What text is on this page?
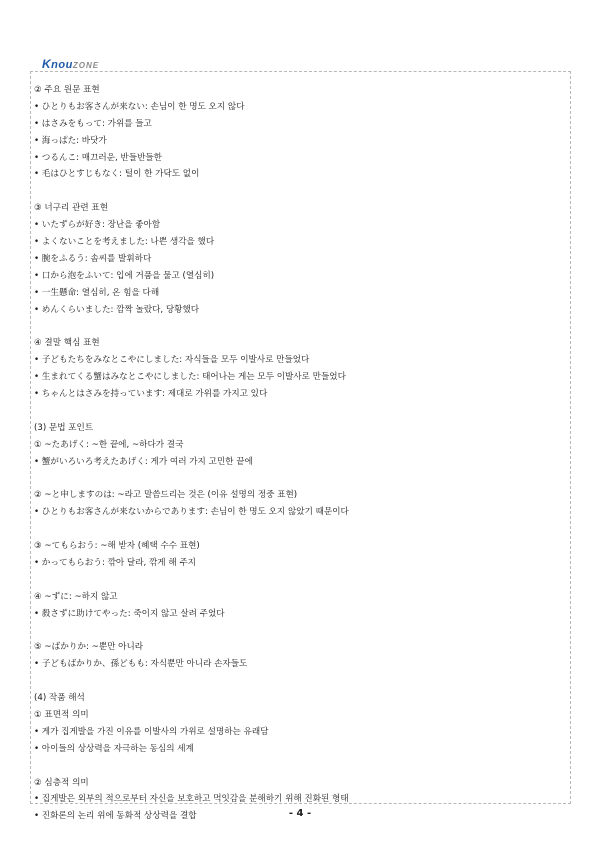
KnouZONE

② 주요 원문 표현

• ひとりもお客さんが来ない: 손님이 한 명도 오지 않다

• はさみをもって: 가위를 들고

• 海っぱた: 바닷가

• つるんこ: 매끄러운, 반들반들한

• 毛はひとすじもなく: 털이 한 가닥도 없이

③ 너구리 관련 표현

• いたずらが好き: 장난을 좋아함

• よくないことを考えました: 나쁜 생각을 했다

• 腕をふるう: 솜씨를 발휘하다

• 口から泡をふいて: 입에 거품을 물고 (열심히)

• 一生懸命: 열심히, 온 힘을 다해

• めんくらいました: 깜짝 놀랐다, 당황했다

④ 결말 핵심 표현

• 子どもたちをみなとこやにしました: 자식들을 모두 이발사로 만들었다

• 生まれてくる蟹はみなとこやにしました: 태어나는 게는 모두 이발사로 만들었다

• ちゃんとはさみを持っています: 제대로 가위를 가지고 있다

(3) 문법 포인트

① ~たあげく: ~한 끝에, ~하다가 결국

• 蟹がいろいろ考えたあげく: 게가 여러 가지 고민한 끝에

② ~と申しますのは: ~라고 말씀드리는 것은 (이유 설명의 정중 표현)

• ひとりもお客さんが来ないからであります: 손님이 한 명도 오지 않았기 때문이다

③ ~てもらおう: ~해 받자 (혜택 수수 표현)

• かってもらおう: 깎아 달라, 깎게 해 주지

④ ~ずに: ~하지 않고

• 殺さずに助けてやった: 죽이지 않고 살려 주었다

⑤ ~ばかりか: ~뿐만 아니라

• 子どもばかりか、孫どもも: 자식뿐만 아니라 손자들도

(4) 작품 해석

① 표면적 의미

• 게가 집게발을 가진 이유를 이발사의 가위로 설명하는 유래담

• 아이들의 상상력을 자극하는 동심의 세계

② 심층적 의미

• 집게발은 외부의 적으로부터 자신을 보호하고 먹잇감을 분해하기 위해 진화된 형태

• 진화론의 논리 위에 동화적 상상력을 결합	- 4 -
